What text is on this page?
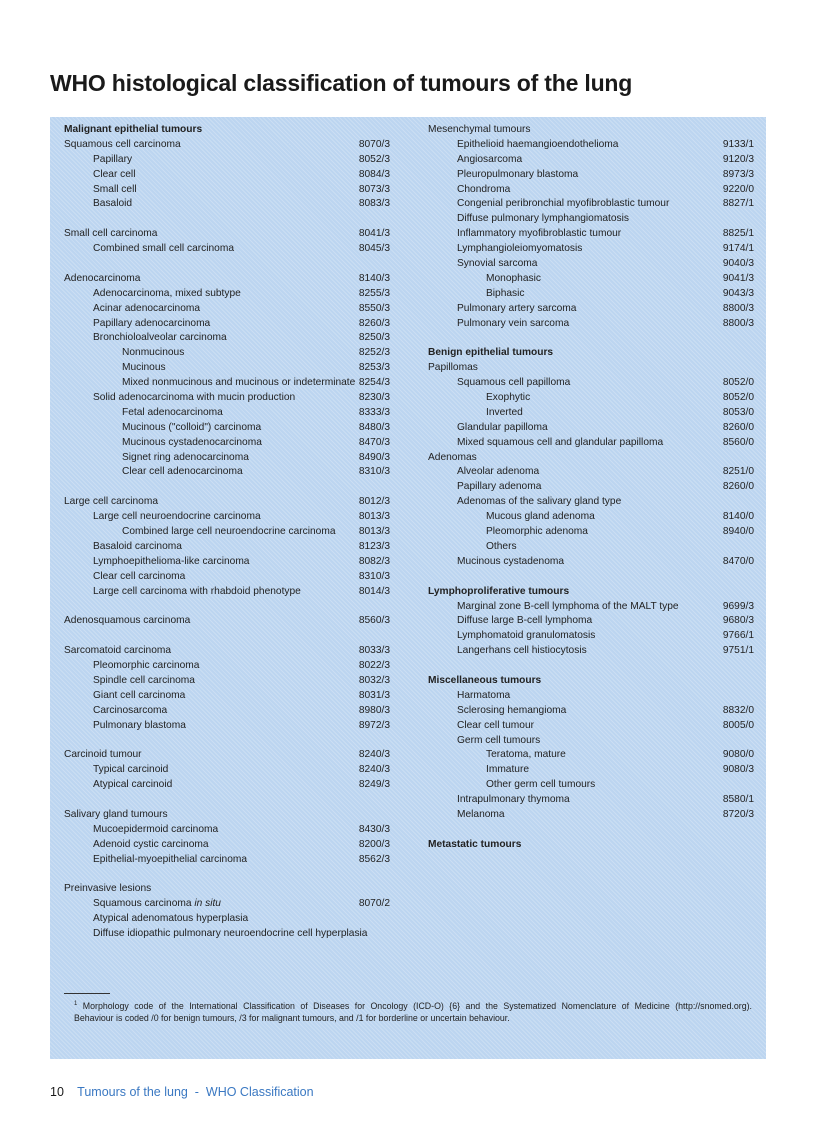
WHO histological classification of tumours of the lung
Malignant epithelial tumours
Squamous cell carcinoma	8070/3
Papillary	8052/3
Clear cell	8084/3
Small cell	8073/3
Basaloid	8083/3
Small cell carcinoma	8041/3
Combined small cell carcinoma	8045/3
Adenocarcinoma	8140/3
Adenocarcinoma, mixed subtype	8255/3
Acinar adenocarcinoma	8550/3
Papillary adenocarcinoma	8260/3
Bronchioloalveolar carcinoma	8250/3
Nonmucinous	8252/3
Mucinous	8253/3
Mixed nonmucinous and mucinous or indeterminate 8254/3
Solid adenocarcinoma with mucin production	8230/3
Fetal adenocarcinoma	8333/3
Mucinous ("colloid") carcinoma	8480/3
Mucinous cystadenocarcinoma	8470/3
Signet ring adenocarcinoma	8490/3
Clear cell adenocarcinoma	8310/3
Large cell carcinoma	8012/3
Large cell neuroendocrine carcinoma	8013/3
Combined large cell neuroendocrine carcinoma 8013/3
Basaloid carcinoma	8123/3
Lymphoepithelioma-like carcinoma	8082/3
Clear cell carcinoma	8310/3
Large cell carcinoma with rhabdoid phenotype	8014/3
Adenosquamous carcinoma	8560/3
Sarcomatoid carcinoma	8033/3
Pleomorphic carcinoma	8022/3
Spindle cell carcinoma	8032/3
Giant cell carcinoma	8031/3
Carcinosarcoma	8980/3
Pulmonary blastoma	8972/3
Carcinoid tumour	8240/3
Typical carcinoid	8240/3
Atypical carcinoid	8249/3
Salivary gland tumours
Mucoepidermoid carcinoma	8430/3
Adenoid cystic carcinoma	8200/3
Epithelial-myoepithelial carcinoma	8562/3
Preinvasive lesions
Squamous carcinoma in situ	8070/2
Atypical adenomatous hyperplasia
Diffuse idiopathic pulmonary neuroendocrine cell hyperplasia
Mesenchymal tumours
Epithelioid haemangioendothelioma	9133/1
Angiosarcoma	9120/3
Pleuropulmonary blastoma	8973/3
Chondroma	9220/0
Congenial peribronchial myofibroblastic tumour	8827/1
Diffuse pulmonary lymphangiomatosis
Inflammatory myofibroblastic tumour	8825/1
Lymphangioleiomyomatosis	9174/1
Synovial sarcoma	9040/3
Monophasic	9041/3
Biphasic	9043/3
Pulmonary artery sarcoma	8800/3
Pulmonary vein sarcoma	8800/3
Benign epithelial tumours
Papillomas
Squamous cell papilloma	8052/0
Exophytic	8052/0
Inverted	8053/0
Glandular papilloma	8260/0
Mixed squamous cell and glandular papilloma	8560/0
Adenomas
Alveolar adenoma	8251/0
Papillary adenoma	8260/0
Adenomas of the salivary gland type
Mucous gland adenoma	8140/0
Pleomorphic adenoma	8940/0
Others
Mucinous cystadenoma	8470/0
Lymphoproliferative tumours
Marginal zone B-cell lymphoma of the MALT type	9699/3
Diffuse large B-cell lymphoma	9680/3
Lymphomatoid granulomatosis	9766/1
Langerhans cell histiocytosis	9751/1
Miscellaneous tumours
Harmatoma
Sclerosing hemangioma	8832/0
Clear cell tumour	8005/0
Germ cell tumours
Teratoma, mature	9080/0
Immature	9080/3
Other germ cell tumours
Intrapulmonary thymoma	8580/1
Melanoma	8720/3
Metastatic tumours
$^1$ Morphology code of the International Classification of Diseases for Oncology (ICD-O) {6} and the Systematized Nomenclature of Medicine (http://snomed.org).
Behaviour is coded /0 for benign tumours, /3 for malignant tumours, and /1 for borderline or uncertain behaviour.
10 Tumours of the lung  -  WHO Classification
